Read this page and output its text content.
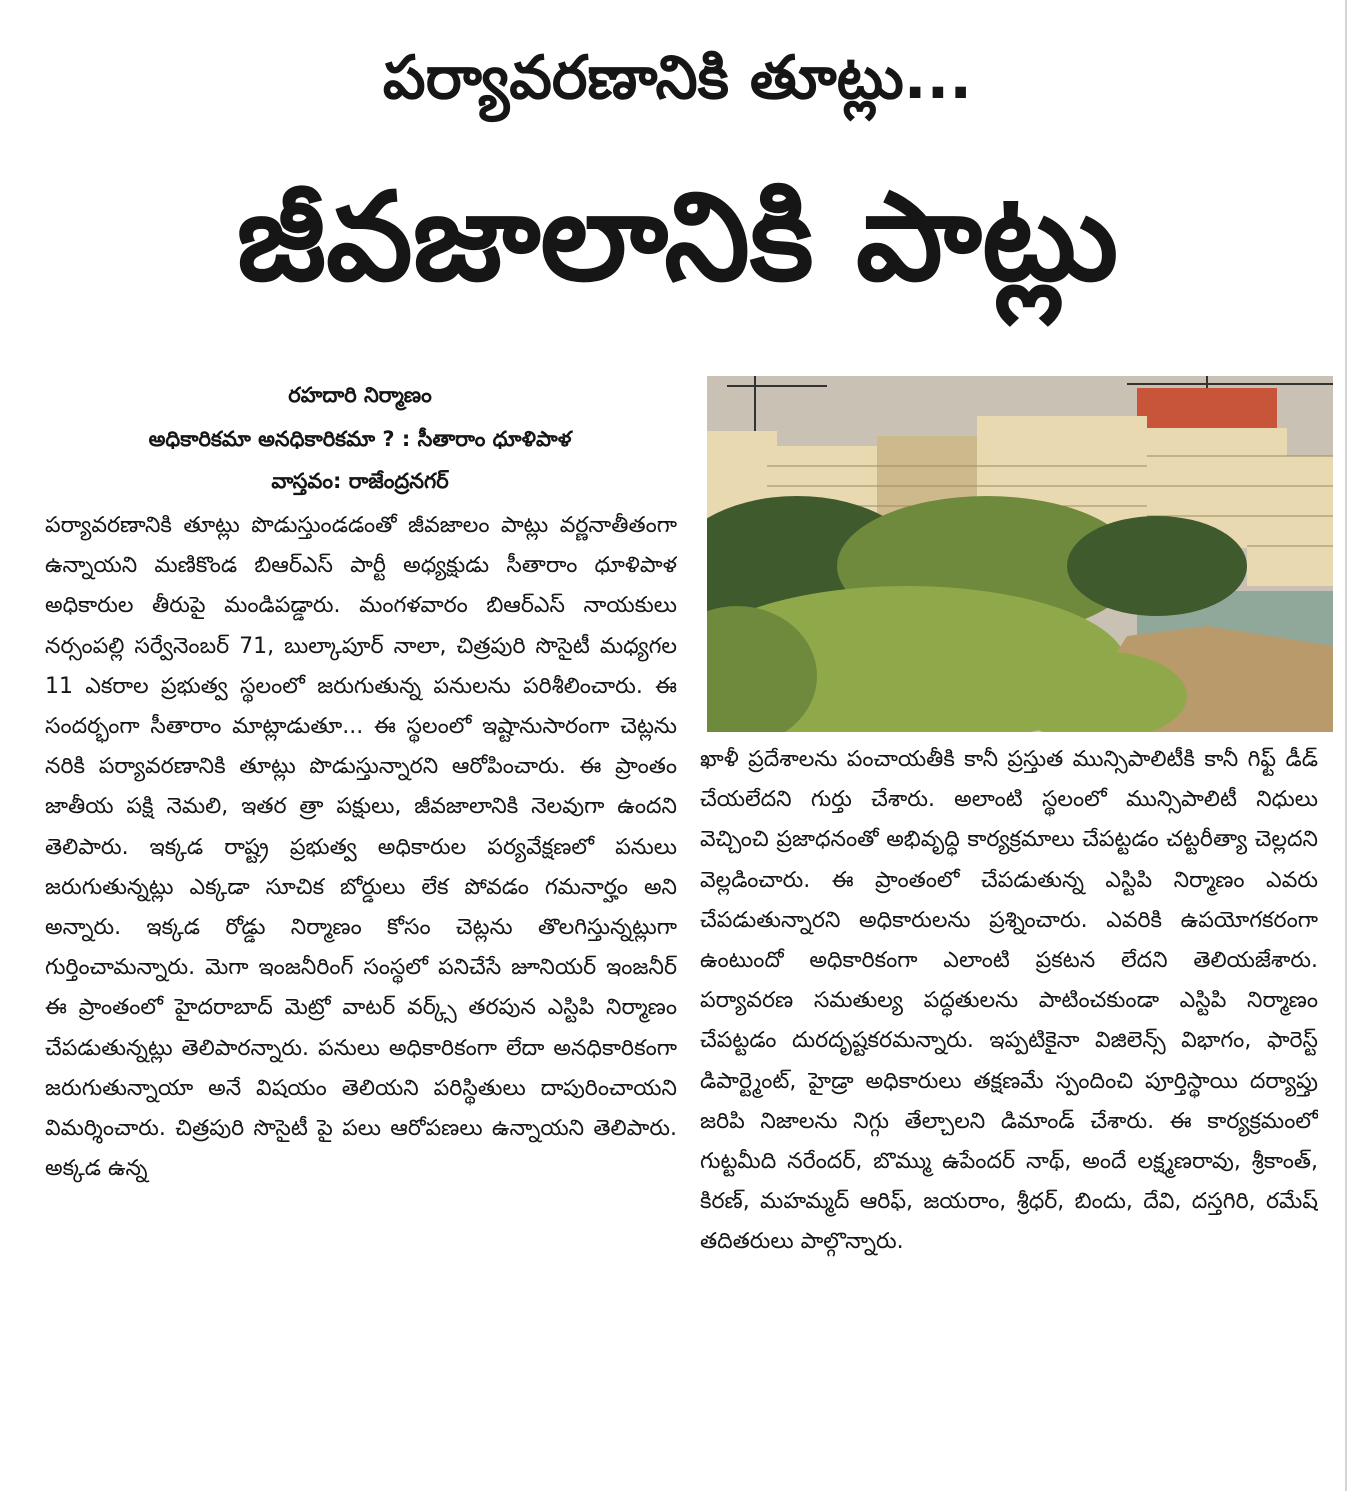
పర్యావరణానికి తూట్లు...
జీవజాలానికి పాట్లు
రహదారి నిర్మాణం
అధికారికమా అనధికారికమా ? : సీతారాం ధూళిపాళ
వాస్తవం: రాజేంద్రనగర్
పర్యావరణానికి తూట్లు పొడుస్తుండడంతో జీవజాలం పాట్లు వర్ణనాతీతంగా ఉన్నాయని మణికొండ బిఆర్ఎస్ పార్టీ అధ్యక్షుడు సీతారాం ధూళిపాళ అధికారుల తీరుపై మండిపడ్డారు. మంగళవారం బిఆర్ఎస్ నాయకులు నర్సంపల్లి సర్వేనెంబర్ 71, బుల్కాపూర్ నాలా, చిత్రపురి సొసైటీ మధ్యగల 11 ఎకరాల ప్రభుత్వ స్థలంలో జరుగుతున్న పనులను పరిశీలించారు. ఈ సందర్భంగా సీతారాం మాట్లాడుతూ... ఈ స్థలంలో ఇష్టానుసారంగా చెట్లను నరికి పర్యావరణానికి తూట్లు పొడుస్తున్నారని ఆరోపించారు. ఈ ప్రాంతం జాతీయ పక్షి నెమలి, ఇతర త్రా పక్షులు, జీవజాలానికి నెలవుగా ఉందని తెలిపారు. ఇక్కడ రాష్ట్ర ప్రభుత్వ అధికారుల పర్యవేక్షణలో పనులు జరుగుతున్నట్లు ఎక్కడా సూచిక బోర్డులు లేక పోవడం గమనార్హం అని అన్నారు. ఇక్కడ రోడ్డు నిర్మాణం కోసం చెట్లను తొలగిస్తున్నట్లుగా గుర్తించామన్నారు. మెగా ఇంజనీరింగ్ సంస్థలో పనిచేసే జూనియర్ ఇంజనీర్ ఈ ప్రాంతంలో హైదరాబాద్ మెట్రో వాటర్ వర్క్స్ తరపున ఎస్టిపి నిర్మాణం చేపడుతున్నట్లు తెలిపారన్నారు. పనులు అధికారికంగా లేదా అనధికారికంగా జరుగుతున్నాయా అనే విషయం తెలియని పరిస్థితులు దాపురించాయని విమర్శించారు. చిత్రపురి సొసైటీ పై పలు ఆరోపణలు ఉన్నాయని తెలిపారు. అక్కడ ఉన్న
ఖాళీ ప్రదేశాలను పంచాయతీకి కానీ ప్రస్తుత మున్సిపాలిటీకి కానీ గిఫ్ట్ డీడ్ చేయలేదని గుర్తు చేశారు. అలాంటి స్థలంలో మున్సిపాలిటీ నిధులు వెచ్చించి ప్రజాధనంతో అభివృద్ధి కార్యక్రమాలు చేపట్టడం చట్టరీత్యా చెల్లదని వెల్లడించారు. ఈ ప్రాంతంలో చేపడుతున్న ఎస్టిపి నిర్మాణం ఎవరు చేపడుతున్నారని అధికారులను ప్రశ్నించారు. ఎవరికి ఉపయోగకరంగా ఉంటుందో అధికారికంగా ఎలాంటి ప్రకటన లేదని తెలియజేశారు. పర్యావరణ సమతుల్య పద్ధతులను పాటించకుండా ఎస్టిపి నిర్మాణం చేపట్టడం దురదృష్టకరమన్నారు. ఇప్పటికైనా విజిలెన్స్ విభాగం, ఫారెస్ట్ డిపార్ట్మెంట్, హైడ్రా అధికారులు తక్షణమే స్పందించి పూర్తిస్థాయి దర్యాప్తు జరిపి నిజాలను నిగ్గు తేల్చాలని డిమాండ్ చేశారు. ఈ కార్యక్రమంలో గుట్టమీది నరేందర్, బొమ్ము ఉపేందర్ నాథ్, అందే లక్ష్మణరావు, శ్రీకాంత్, కిరణ్, మహమ్మద్ ఆరిఫ్, జయరాం, శ్రీధర్, బిందు, దేవి, దస్తగిరి, రమేష్ తదితరులు పాల్గొన్నారు.
